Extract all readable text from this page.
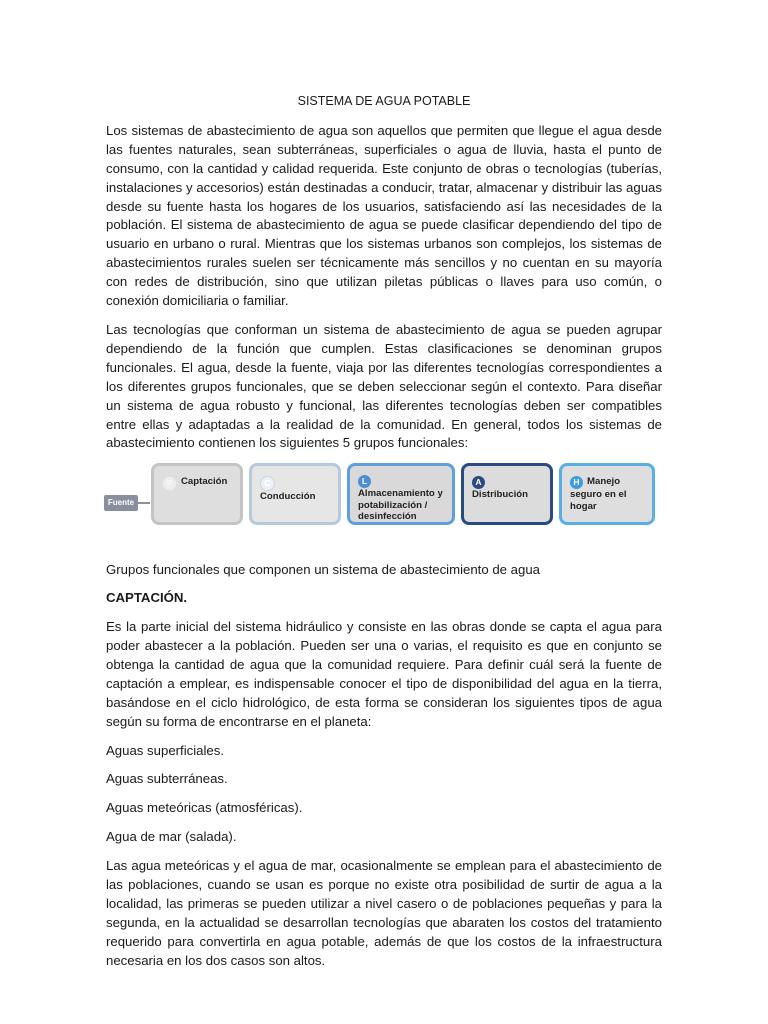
SISTEMA DE AGUA POTABLE

Los sistemas de abastecimiento de agua son aquellos que permiten que llegue el agua desde las fuentes naturales, sean subterráneas, superficiales o agua de lluvia, hasta el punto de consumo, con la cantidad y calidad requerida. Este conjunto de obras o tecnologías (tuberías, instalaciones y accesorios) están destinadas a conducir, tratar, almacenar y distribuir las aguas desde su fuente hasta los hogares de los usuarios, satisfaciendo así las necesidades de la población. El sistema de abastecimiento de agua se puede clasificar dependiendo del tipo de usuario en urbano o rural. Mientras que los sistemas urbanos son complejos, los sistemas de abastecimientos rurales suelen ser técnicamente más sencillos y no cuentan en su mayoría con redes de distribución, sino que utilizan piletas públicas o llaves para uso común, o conexión domiciliaria o familiar.

Las tecnologías que conforman un sistema de abastecimiento de agua se pueden agrupar dependiendo de la función que cumplen. Estas clasificaciones se denominan grupos funcionales. El agua, desde la fuente, viaja por las diferentes tecnologías correspondientes a los diferentes grupos funcionales, que se deben seleccionar según el contexto. Para diseñar un sistema de agua robusto y funcional, las diferentes tecnologías deben ser compatibles entre ellas y adaptadas a la realidad de la comunidad. En general, todos los sistemas de abastecimiento contienen los siguientes 5 grupos funcionales:

Fuente
P Captación	CConducción
LAlmacenamiento y potabilización / desinfección
ADistribución
H Manejo seguro en el hogar

Grupos funcionales que componen un sistema de abastecimiento de agua

CAPTACIÓN.

Es la parte inicial del sistema hidráulico y consiste en las obras donde se capta el agua para poder abastecer a la población. Pueden ser una o varias, el requisito es que en conjunto se obtenga la cantidad de agua que la comunidad requiere. Para definir cuál será la fuente de captación a emplear, es indispensable conocer el tipo de disponibilidad del agua en la tierra, basándose en el ciclo hidrológico, de esta forma se consideran los siguientes tipos de agua según su forma de encontrarse en el planeta:

Aguas superficiales.

Aguas subterráneas.

Aguas meteóricas (atmosféricas).

Agua de mar (salada).

Las agua meteóricas y el agua de mar, ocasionalmente se emplean para el abastecimiento de las poblaciones, cuando se usan es porque no existe otra posibilidad de surtir de agua a la localidad, las primeras se pueden utilizar a nivel casero o de poblaciones pequeñas y para la segunda, en la actualidad se desarrollan tecnologías que abaraten los costos del tratamiento requerido para convertirla en agua potable, además de que los costos de la infraestructura necesaria en los dos casos son altos.
